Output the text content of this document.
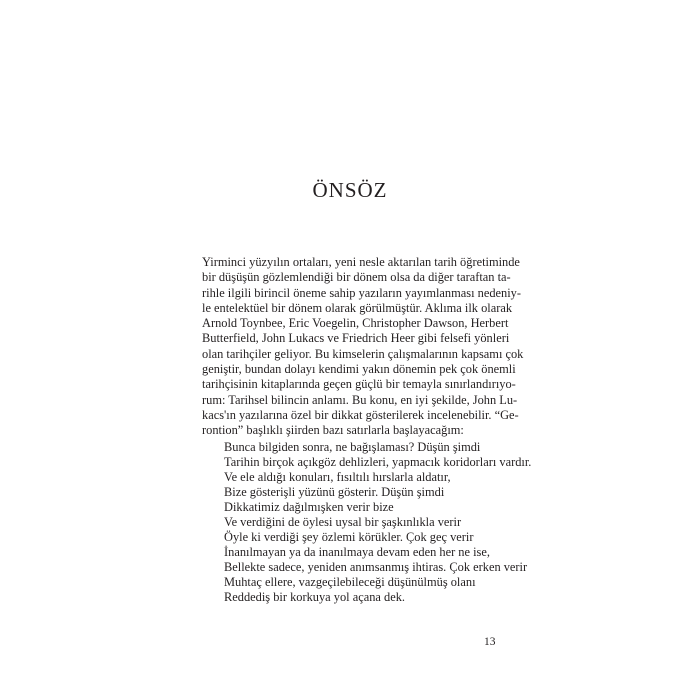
ÖNSÖZ
Yirminci yüzyılın ortaları, yeni nesle aktarılan tarih öğretiminde
bir düşüşün gözlemlendiği bir dönem olsa da diğer taraftan ta-
rihle ilgili birincil öneme sahip yazıların yayımlanması nedeniy-
le entelektüel bir dönem olarak görülmüştür. Aklıma ilk olarak
Arnold Toynbee, Eric Voegelin, Christopher Dawson, Herbert
Butterfield, John Lukacs ve Friedrich Heer gibi felsefi yönleri
olan tarihçiler geliyor. Bu kimselerin çalışmalarının kapsamı çok
geniştir, bundan dolayı kendimi yakın dönemin pek çok önemli
tarihçisinin kitaplarında geçen güçlü bir temayla sınırlandırıyo-
rum: Tarihsel bilincin anlamı. Bu konu, en iyi şekilde, John Lu-
kacs'ın yazılarına özel bir dikkat gösterilerek incelenebilir. “Ge-
rontion” başlıklı şiirden bazı satırlarla başlayacağım:
Bunca bilgiden sonra, ne bağışlaması? Düşün şimdi
Tarihin birçok açıkgöz dehlizleri, yapmacık koridorları vardır.
Ve ele aldığı konuları, fısıltılı hırslarla aldatır,
Bize gösterişli yüzünü gösterir. Düşün şimdi
Dikkatimiz dağılmışken verir bize
Ve verdiğini de öylesi uysal bir şaşkınlıkla verir
Öyle ki verdiği şey özlemi körükler. Çok geç verir
İnanılmayan ya da inanılmaya devam eden her ne ise,
Bellekte sadece, yeniden anımsanmış ihtiras. Çok erken verir
Muhtaç ellere, vazgeçilebileceği düşünülmüş olanı
Reddediş bir korkuya yol açana dek.
13
